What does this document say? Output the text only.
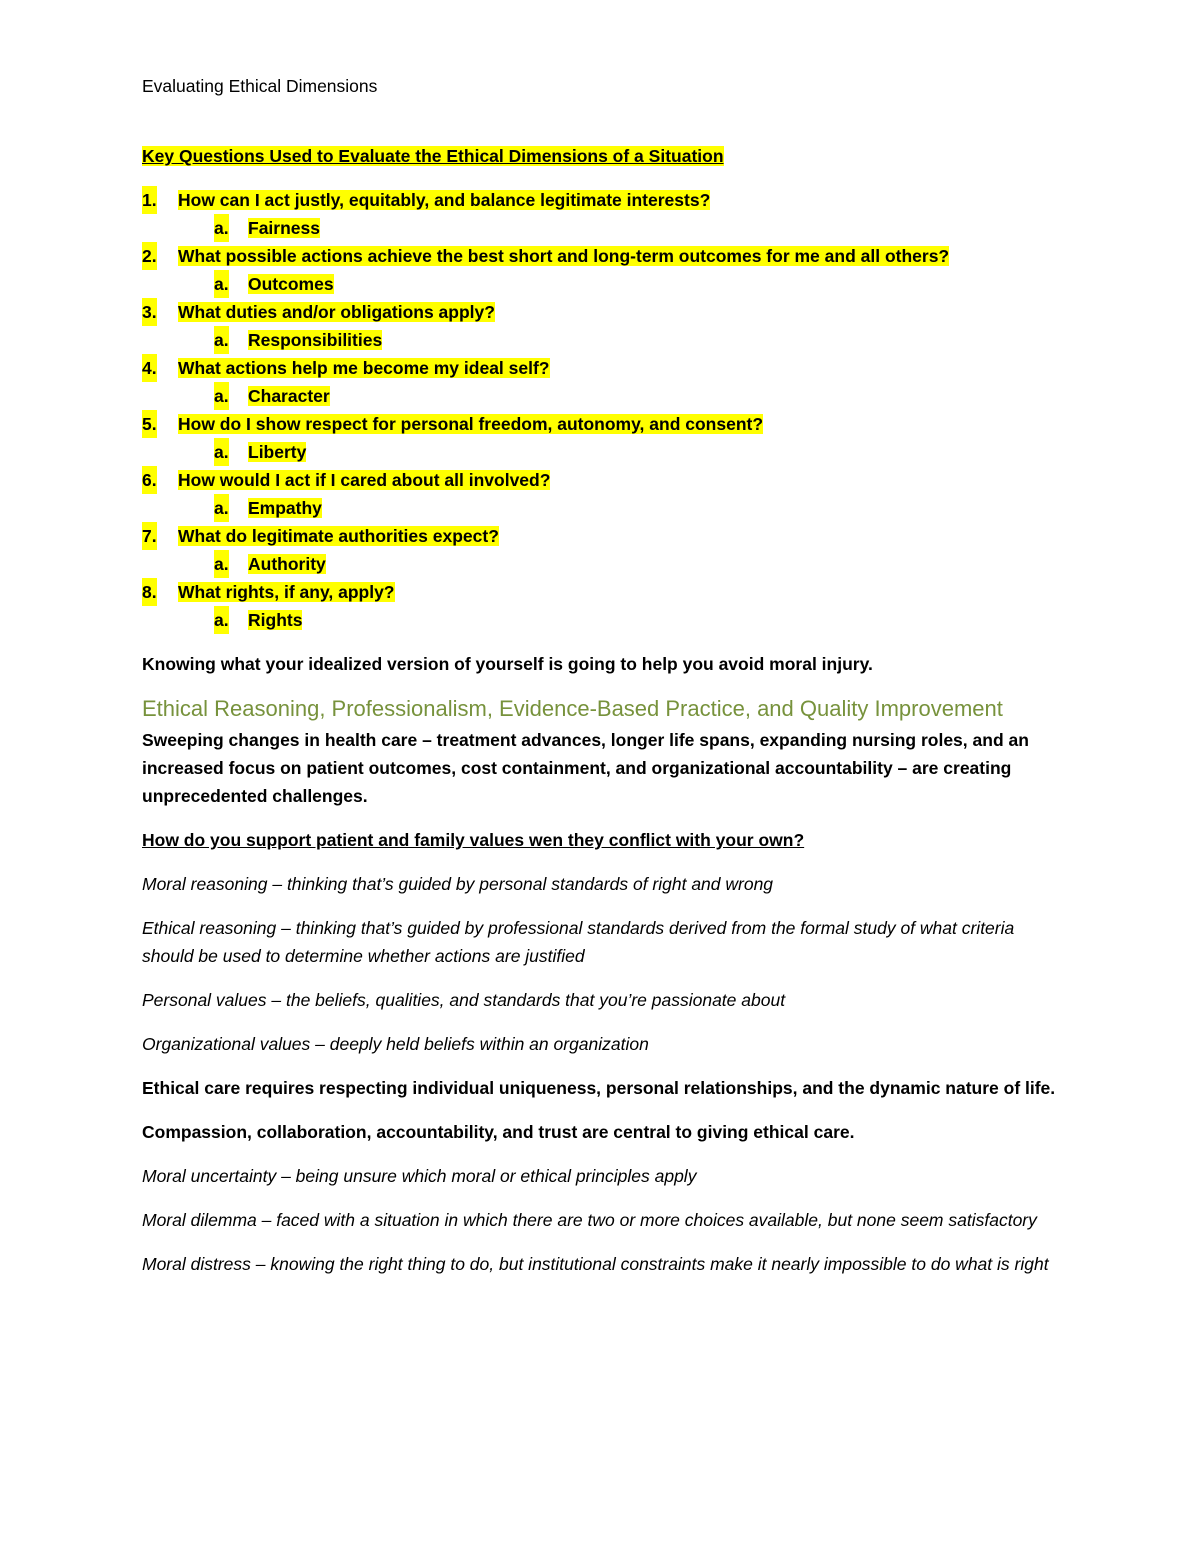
Evaluating Ethical Dimensions
Key Questions Used to Evaluate the Ethical Dimensions of a Situation
1. How can I act justly, equitably, and balance legitimate interests?
a. Fairness
2. What possible actions achieve the best short and long-term outcomes for me and all others?
a. Outcomes
3. What duties and/or obligations apply?
a. Responsibilities
4. What actions help me become my ideal self?
a. Character
5. How do I show respect for personal freedom, autonomy, and consent?
a. Liberty
6. How would I act if I cared about all involved?
a. Empathy
7. What do legitimate authorities expect?
a. Authority
8. What rights, if any, apply?
a. Rights

Knowing what your idealized version of yourself is going to help you avoid moral injury.

Ethical Reasoning, Professionalism, Evidence-Based Practice, and Quality Improvement

Sweeping changes in health care – treatment advances, longer life spans, expanding nursing roles, and an increased focus on patient outcomes, cost containment, and organizational accountability – are creating unprecedented challenges.

How do you support patient and family values wen they conflict with your own?

Moral reasoning – thinking that’s guided by personal standards of right and wrong

Ethical reasoning – thinking that’s guided by professional standards derived from the formal study of what criteria should be used to determine whether actions are justified

Personal values – the beliefs, qualities, and standards that you’re passionate about

Organizational values – deeply held beliefs within an organization

Ethical care requires respecting individual uniqueness, personal relationships, and the dynamic nature of life.

Compassion, collaboration, accountability, and trust are central to giving ethical care.

Moral uncertainty – being unsure which moral or ethical principles apply

Moral dilemma – faced with a situation in which there are two or more choices available, but none seem satisfactory

Moral distress – knowing the right thing to do, but institutional constraints make it nearly impossible to do what is right
